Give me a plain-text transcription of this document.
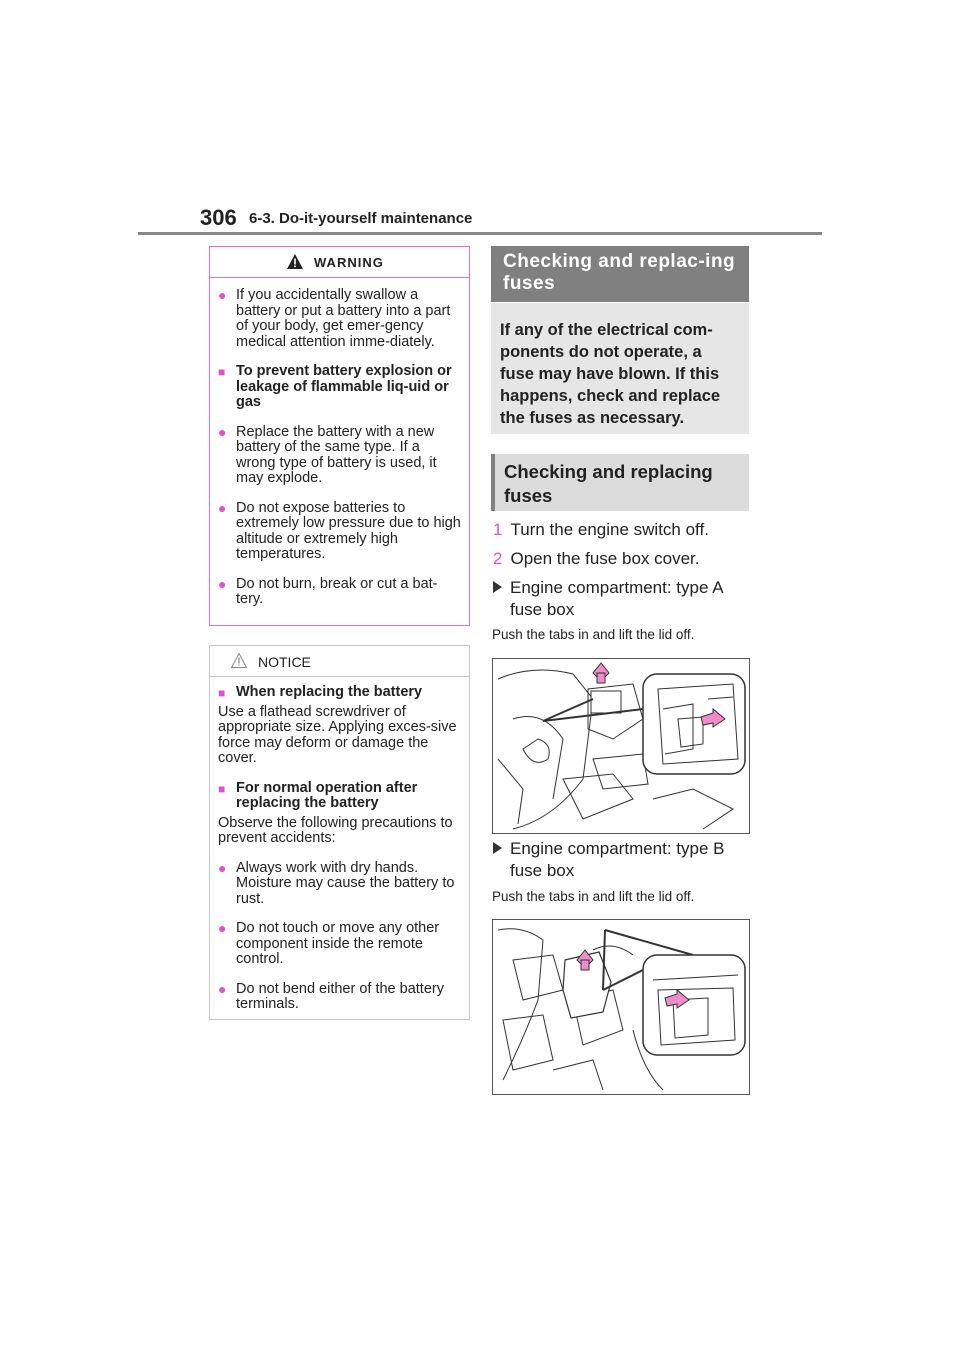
306 6-3. Do-it-yourself maintenance
WARNING
● If you accidentally swallow a battery or put a battery into a part of your body, get emer-gency medical attention imme-diately.
■ To prevent battery explosion or leakage of flammable liq-uid or gas
● Replace the battery with a new battery of the same type. If a wrong type of battery is used, it may explode.
● Do not expose batteries to extremely low pressure due to high altitude or extremely high temperatures.
● Do not burn, break or cut a bat-tery.
NOTICE
■ When replacing the battery
Use a flathead screwdriver of appropriate size. Applying exces-sive force may deform or damage the cover.
■ For normal operation after replacing the battery
Observe the following precautions to prevent accidents:
● Always work with dry hands. Moisture may cause the battery to rust.
● Do not touch or move any other component inside the remote control.
● Do not bend either of the battery terminals.
Checking and replac-ing fuses
If any of the electrical com-ponents do not operate, a fuse may have blown. If this happens, check and replace the fuses as necessary.
Checking and replacing fuses
1 Turn the engine switch off.
2 Open the fuse box cover.
Engine compartment: type A fuse box
Push the tabs in and lift the lid off.
Engine compartment: type B fuse box
Push the tabs in and lift the lid off.
